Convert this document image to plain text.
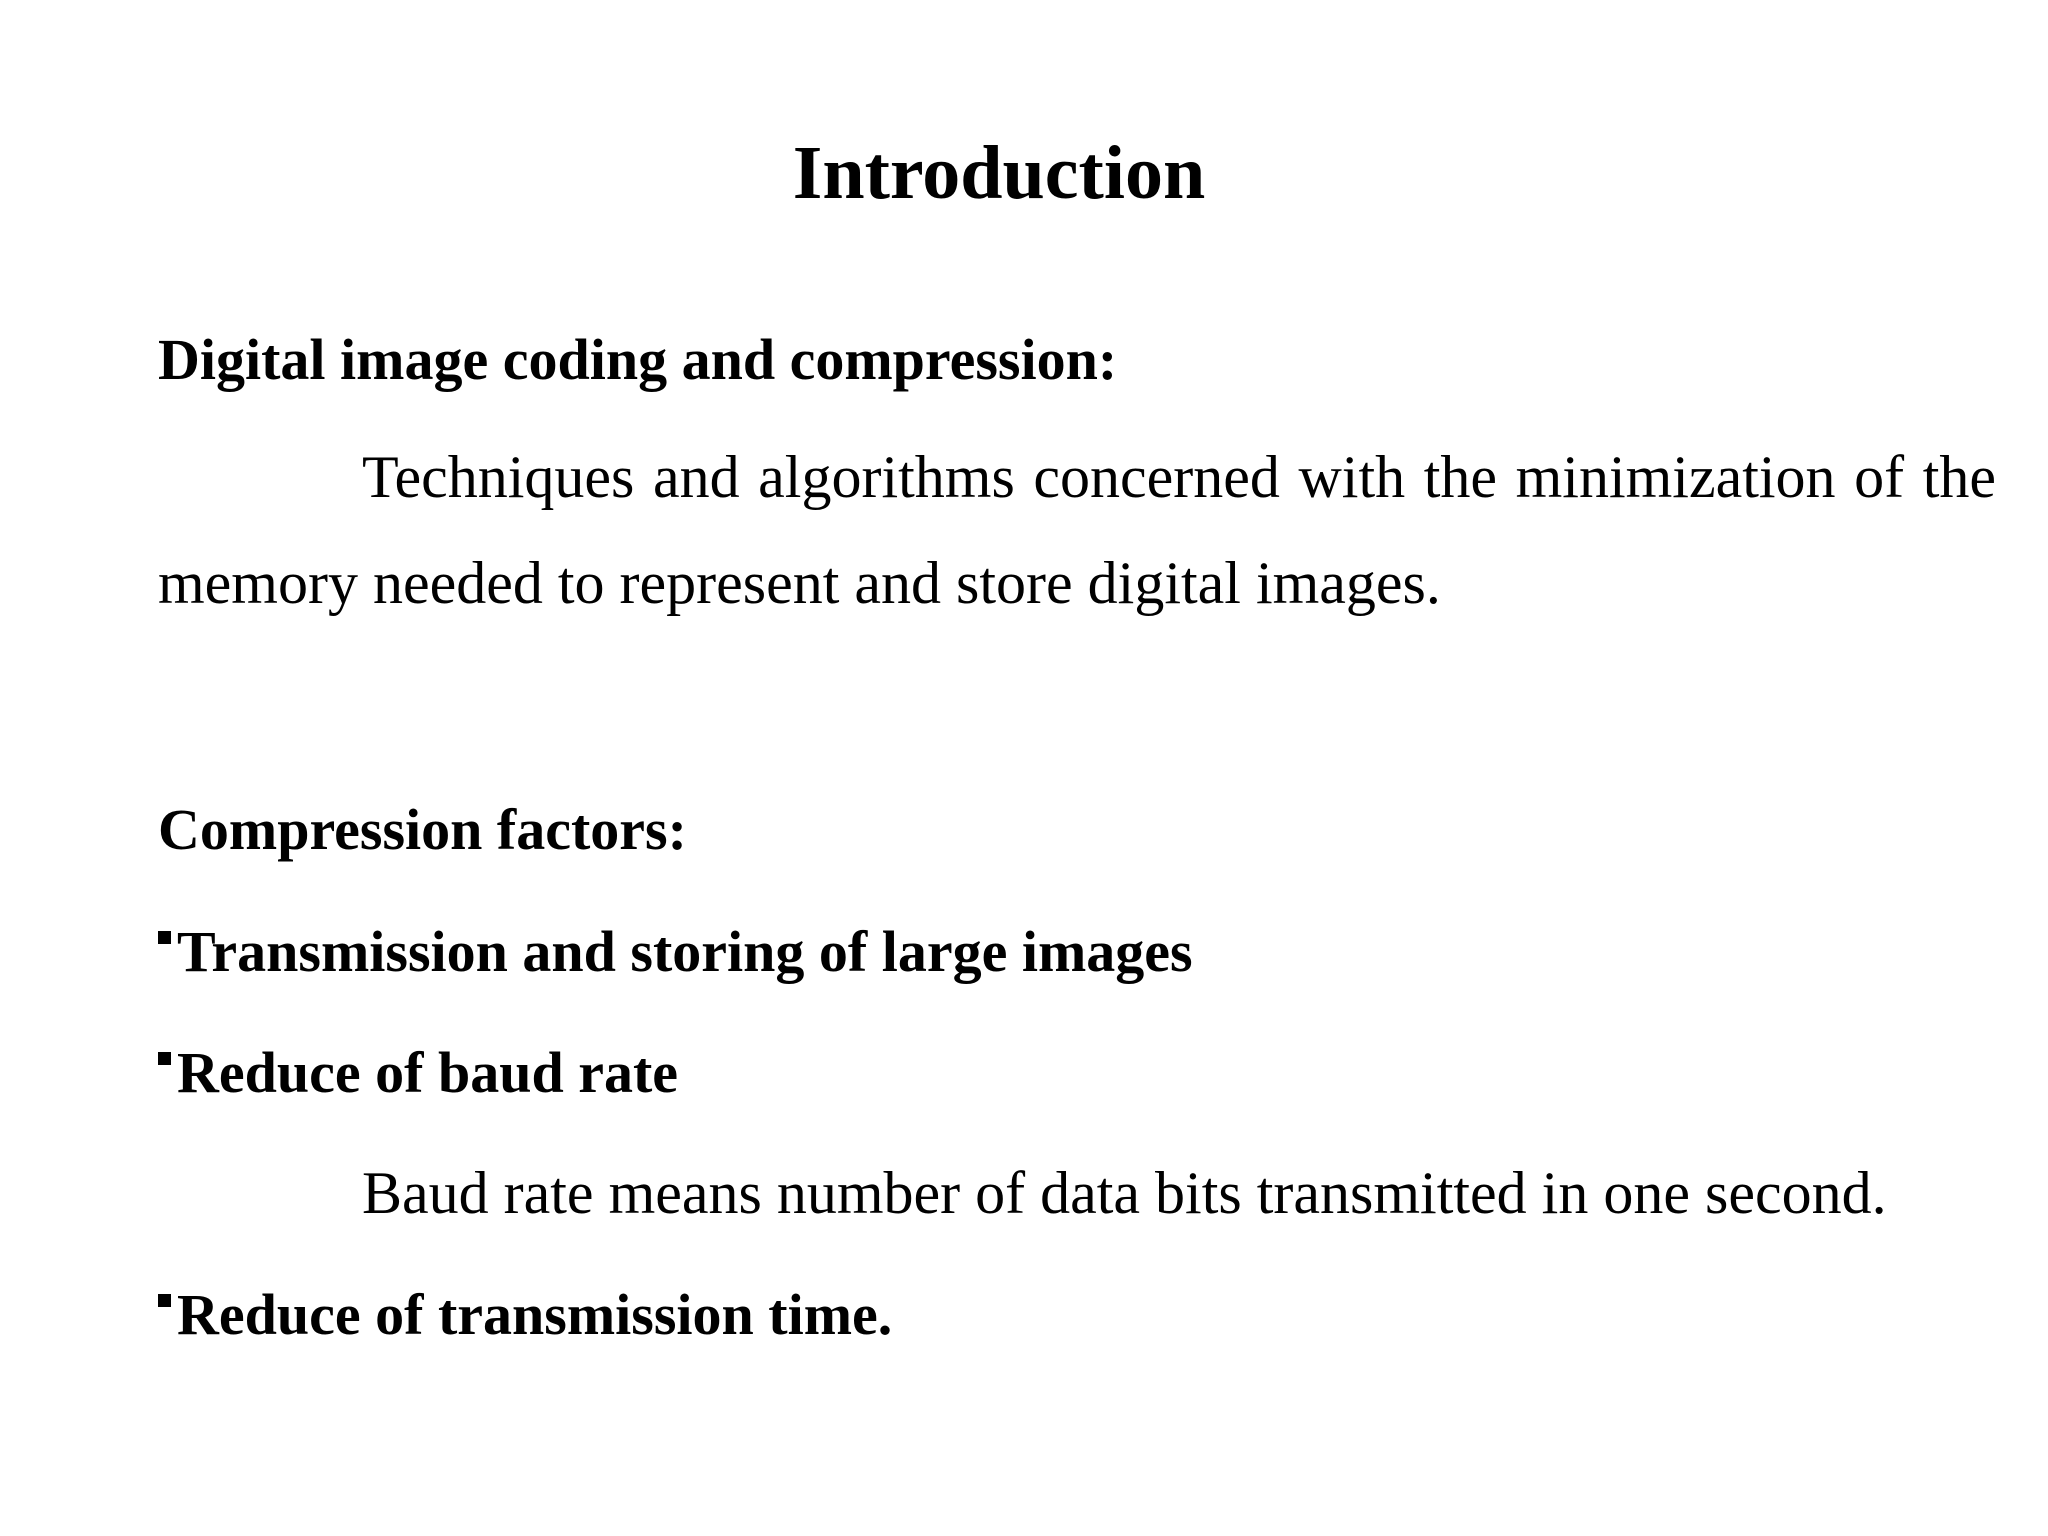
Introduction
Digital image coding and compression:

Techniques and algorithms concerned with the minimization of the memory needed to represent and store digital images.

Compression factors:
Transmission and storing of large images
Reduce of baud rate
Baud rate means number of data bits transmitted in one second.
Reduce of transmission time.
